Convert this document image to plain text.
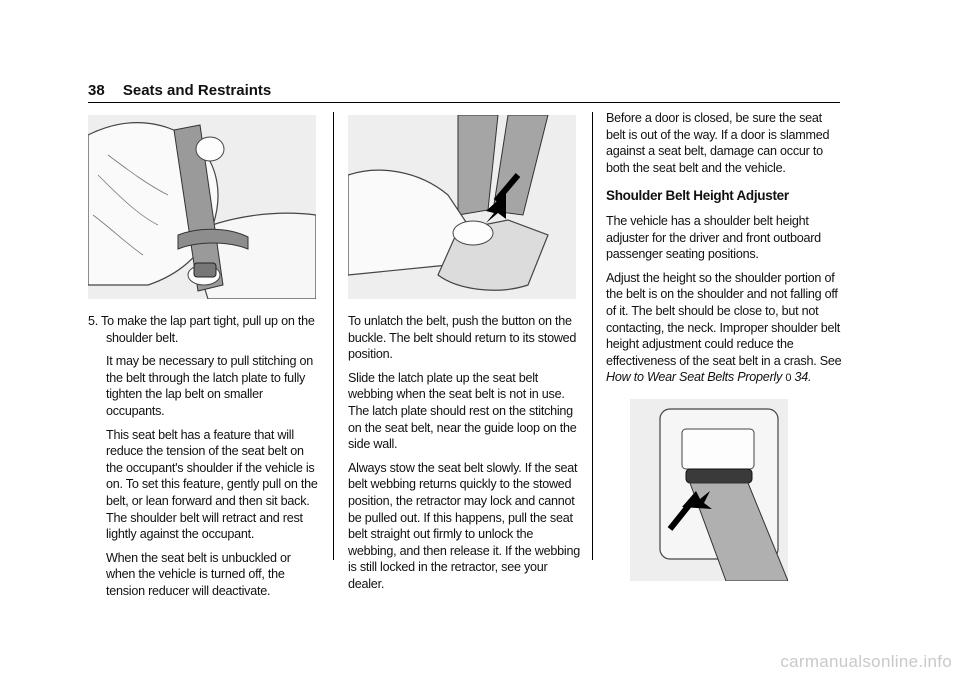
38 Seats and Restraints

5. To make the lap part tight, pull up on the shoulder belt.

It may be necessary to pull stitching on the belt through the latch plate to fully tighten the lap belt on smaller occupants.

This seat belt has a feature that will reduce the tension of the seat belt on the occupant's shoulder if the vehicle is on. To set this feature, gently pull on the belt, or lean forward and then sit back. The shoulder belt will retract and rest lightly against the occupant.

When the seat belt is unbuckled or when the vehicle is turned off, the tension reducer will deactivate.

To unlatch the belt, push the button on the buckle. The belt should return to its stowed position.

Slide the latch plate up the seat belt webbing when the seat belt is not in use. The latch plate should rest on the stitching on the seat belt, near the guide loop on the side wall.

Always stow the seat belt slowly. If the seat belt webbing returns quickly to the stowed position, the retractor may lock and cannot be pulled out. If this happens, pull the seat belt straight out firmly to unlock the webbing, and then release it. If the webbing is still locked in the retractor, see your dealer.

Before a door is closed, be sure the seat belt is out of the way. If a door is slammed against a seat belt, damage can occur to both the seat belt and the vehicle.

Shoulder Belt Height Adjuster

The vehicle has a shoulder belt height adjuster for the driver and front outboard passenger seating positions.

Adjust the height so the shoulder portion of the belt is on the shoulder and not falling off of it. The belt should be close to, but not contacting, the neck. Improper shoulder belt height adjustment could reduce the effectiveness of the seat belt in a crash. See How to Wear Seat Belts Properly 0 34.

carmanualsonline.info
